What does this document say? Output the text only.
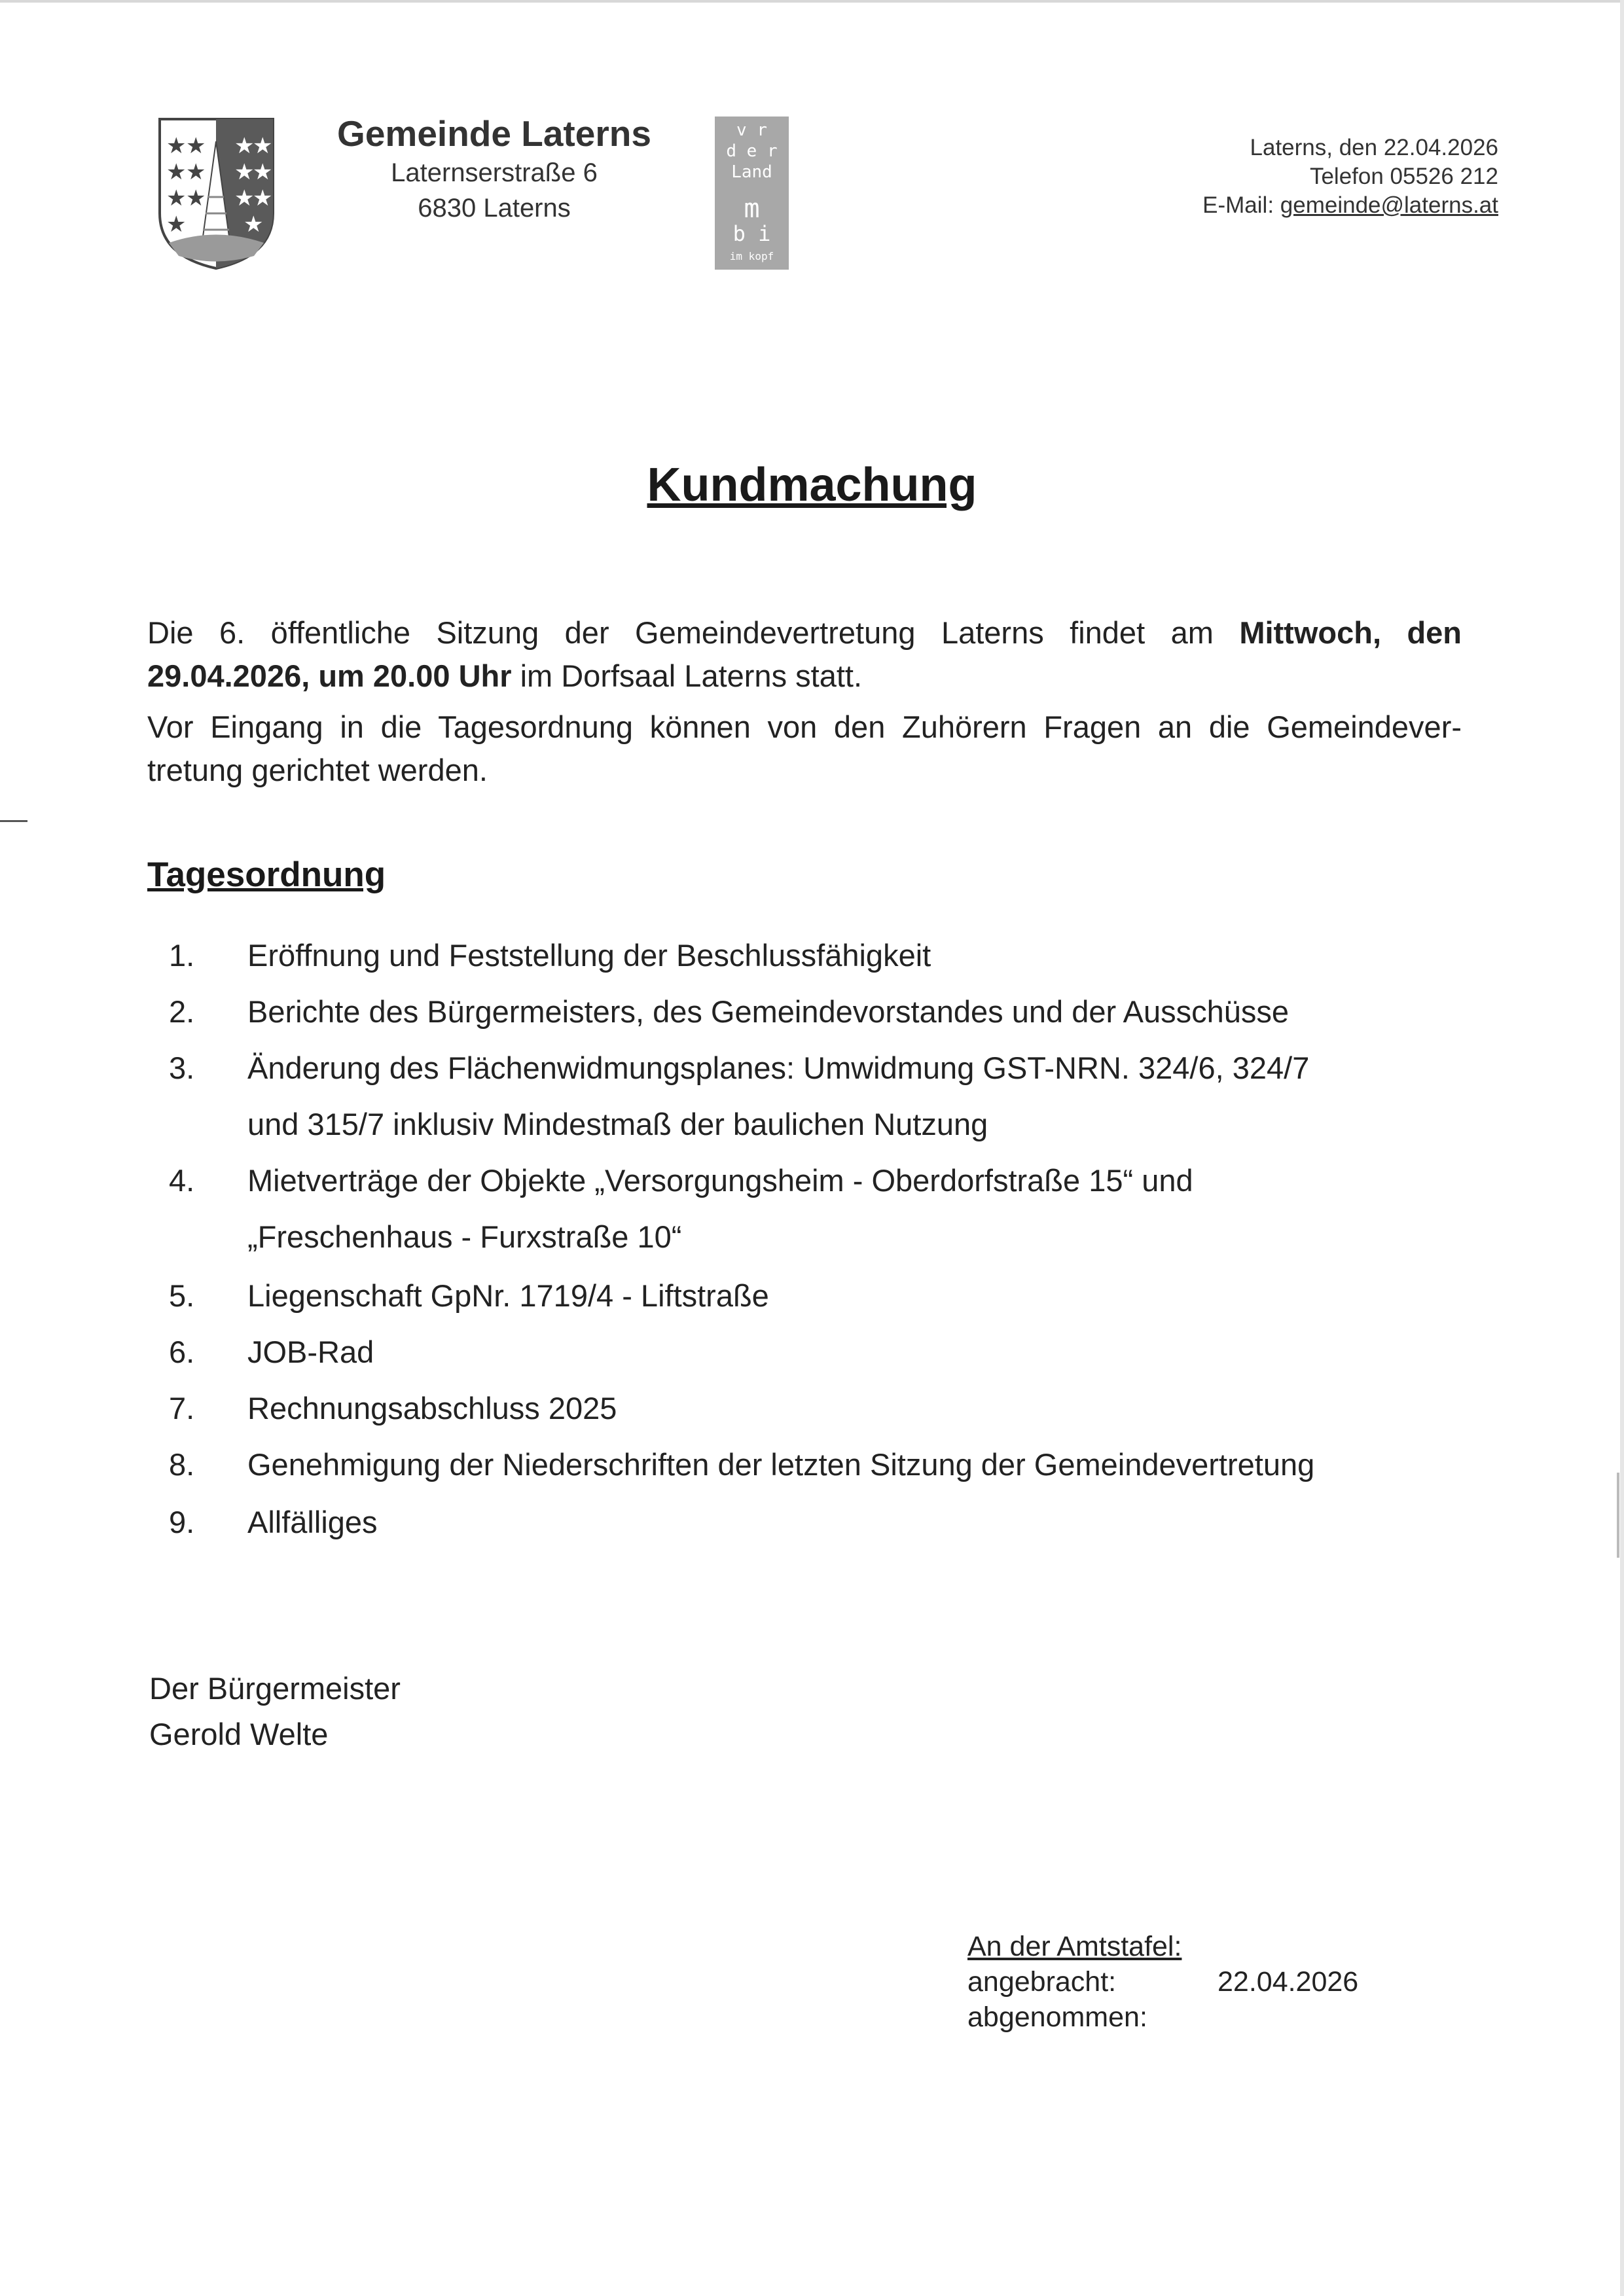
★ ★
★ ★
★ ★
★
★
★
★
★
★
★
★
Gemeinde Laterns
Laternserstraße 6
6830 Laterns
v r
d e r
Land
m
b i
im kopf
Laterns, den 22.04.2026
Telefon 05526 212
E-Mail: gemeinde@laterns.at
Kundmachung
Die 6. öffentliche Sitzung der Gemeindevertretung Laterns findet am Mittwoch, den
29.04.2026, um 20.00 Uhr im Dorfsaal Laterns statt.
Vor Eingang in die Tagesordnung können von den Zuhörern Fragen an die Gemeindever-
tretung gerichtet werden.
Tagesordnung
1. Eröffnung und Feststellung der Beschlussfähigkeit
2. Berichte des Bürgermeisters, des Gemeindevorstandes und der Ausschüsse
3. Änderung des Flächenwidmungsplanes: Umwidmung GST-NRN. 324/6, 324/7
und 315/7 inklusiv Mindestmaß der baulichen Nutzung
4. Mietverträge der Objekte „Versorgungsheim - Oberdorfstraße 15“ und
„Freschenhaus - Furxstraße 10“
5. Liegenschaft GpNr. 1719/4 - Liftstraße
6. JOB-Rad
7. Rechnungsabschluss 2025
8. Genehmigung der Niederschriften der letzten Sitzung der Gemeindevertretung
9. Allfälliges
Der Bürgermeister
Gerold Welte
An der Amtstafel:
angebracht:	22.04.2026
abgenommen:
